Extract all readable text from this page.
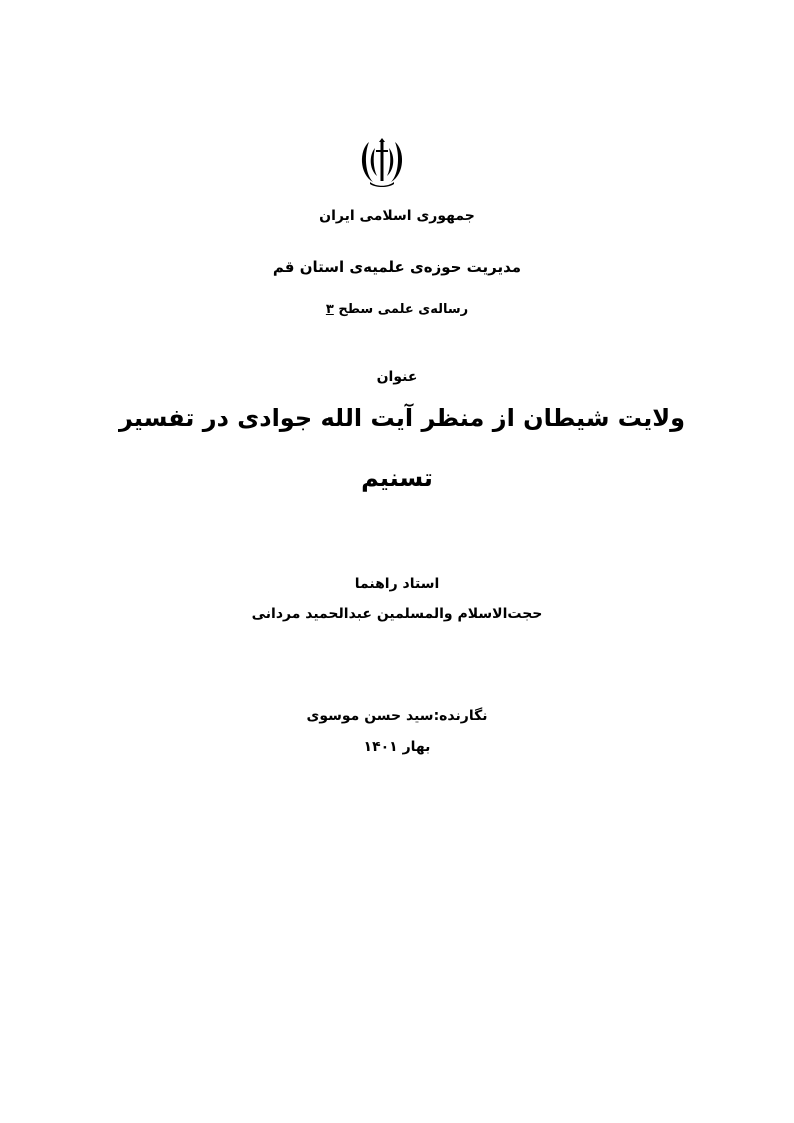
جمهوری اسلامی ایران
مدیریت حوزه‌ی علمیه‌ی استان قم
رساله‌ی علمی سطح ۳
عنوان
ولایت شیطان از منظر آیت الله جوادی در تفسیر
تسنیم
استاد راهنما
حجت‌الاسلام والمسلمین عبدالحمید مردانی
نگارنده:سید حسن موسوی
بهار ۱۴۰۱
